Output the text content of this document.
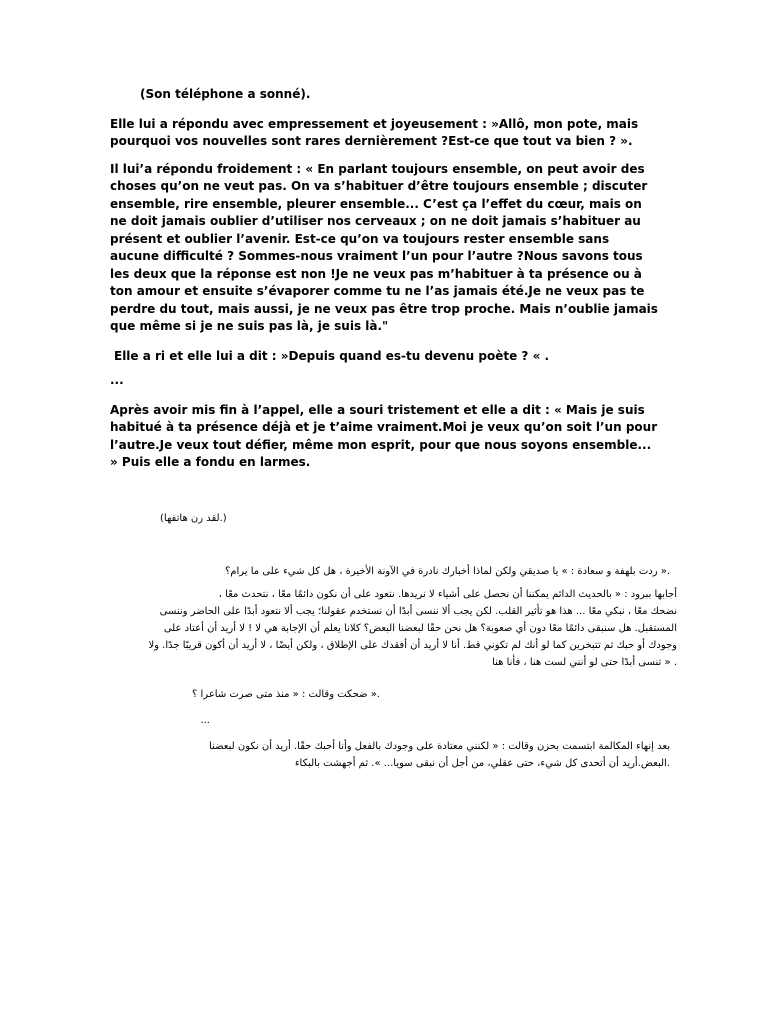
(Son téléphone a sonné).

Elle lui a répondu avec empressement et joyeusement : »Allô, mon pote, mais pourquoi vos nouvelles sont rares dernièrement ?Est-ce que tout va bien ? ».

Il lui’a répondu froidement : « En parlant toujours ensemble, on peut avoir des choses qu’on ne veut pas. On va s’habituer d’être toujours ensemble ; discuter ensemble, rire ensemble, pleurer ensemble... C’est ça l’effet du cœur, mais on ne doit jamais oublier d’utiliser nos cerveaux ; on ne doit jamais s’habituer au présent et oublier l’avenir. Est-ce qu’on va toujours rester ensemble sans aucune difficulté ? Sommes-nous vraiment l’un pour l’autre ?Nous savons tous les deux que la réponse est non !Je ne veux pas m’habituer à ta présence ou à ton amour et ensuite s’évaporer comme tu ne l’as jamais été.Je ne veux pas te perdre du tout, mais aussi, je ne veux pas être trop proche. Mais n’oublie jamais que même si je ne suis pas là, je suis là."

Elle a ri et elle lui a dit : »Depuis quand es-tu devenu poète ? « .

...

Après avoir mis fin à l’appel, elle a souri tristement et elle a dit : « Mais je suis habitué à ta présence déjà et je t’aime vraiment.Moi je veux qu’on soit l’un pour l’autre.Je veux tout défier, même mon esprit, pour que nous soyons ensemble... » Puis elle a fondu en larmes.

(.لقد رن هاتفها)
.« ردت بلهفة و سعادة : » يا صديقي ولكن لماذا أخبارك نادرة في الآونة الأخيرة ، هل كل شيء على ما يرام؟

أجابها ببرود : « بالحديث الدائم يمكننا أن نحصل على أشياء لا نريدها. نتعود على أن نكون دائمًا معًا ، نتحدث معًا ،

نضحك معًا ، نبكي معًا ... هذا هو تأثير القلب. لكن يجب ألا ننسى أبدًا أن نستخدم عقولنا؛ يجب ألا نتعود أبدًا على الحاضر وننسى

المستقبل. هل سنبقى دائمًا معًا دون أي صعوبة؟ هل نحن حقًا لبعضنا البعض؟ كلانا يعلم أن الإجابة هي لا ! لا أريد أن أعتاد على

وجودك أو حبك ثم تتبخرين كما لو أنك لم تكوني قط. أنا لا أريد أن أفقدك على الإطلاق ، ولكن أيضًا ، لا أريد أن أكون قريبًا جدًا. ولا

. « تنسى أبدًا حتى لو أنني لست هنا ، فأنا هنا

.« ضحكت وقالت : « منذ متى صرت شاعرا ؟
...

بعد إنهاء المكالمة ابتسمت بحزن وقالت : « لكنني معتادة على وجودك بالفعل وأنا أحبك حقًا. أريد أن نكون لبعضنا

.البعض.أريد أن أتحدى كل شيء، حتى عقلي، من أجل أن نبقى سويا... ». ثم أجهشت بالبكاء
